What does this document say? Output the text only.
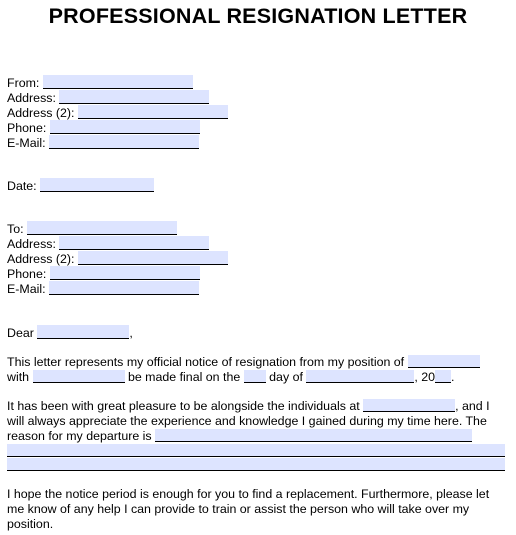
PROFESSIONAL RESIGNATION LETTER
From:
Address:
Address (2):
Phone:
E-Mail:
Date:
To:
Address:
Address (2):
Phone:
E-Mail:
Dear	,
This letter represents my official notice of resignation from my position of
with	be made final on the day of	, 20 .
It has been with great pleasure to be alongside the individuals at	, and I
will always appreciate the experience and knowledge I gained during my time here. The
reason for my departure is
I hope the notice period is enough for you to find a replacement. Furthermore, please let
me know of any help I can provide to train or assist the person who will take over my
position.
